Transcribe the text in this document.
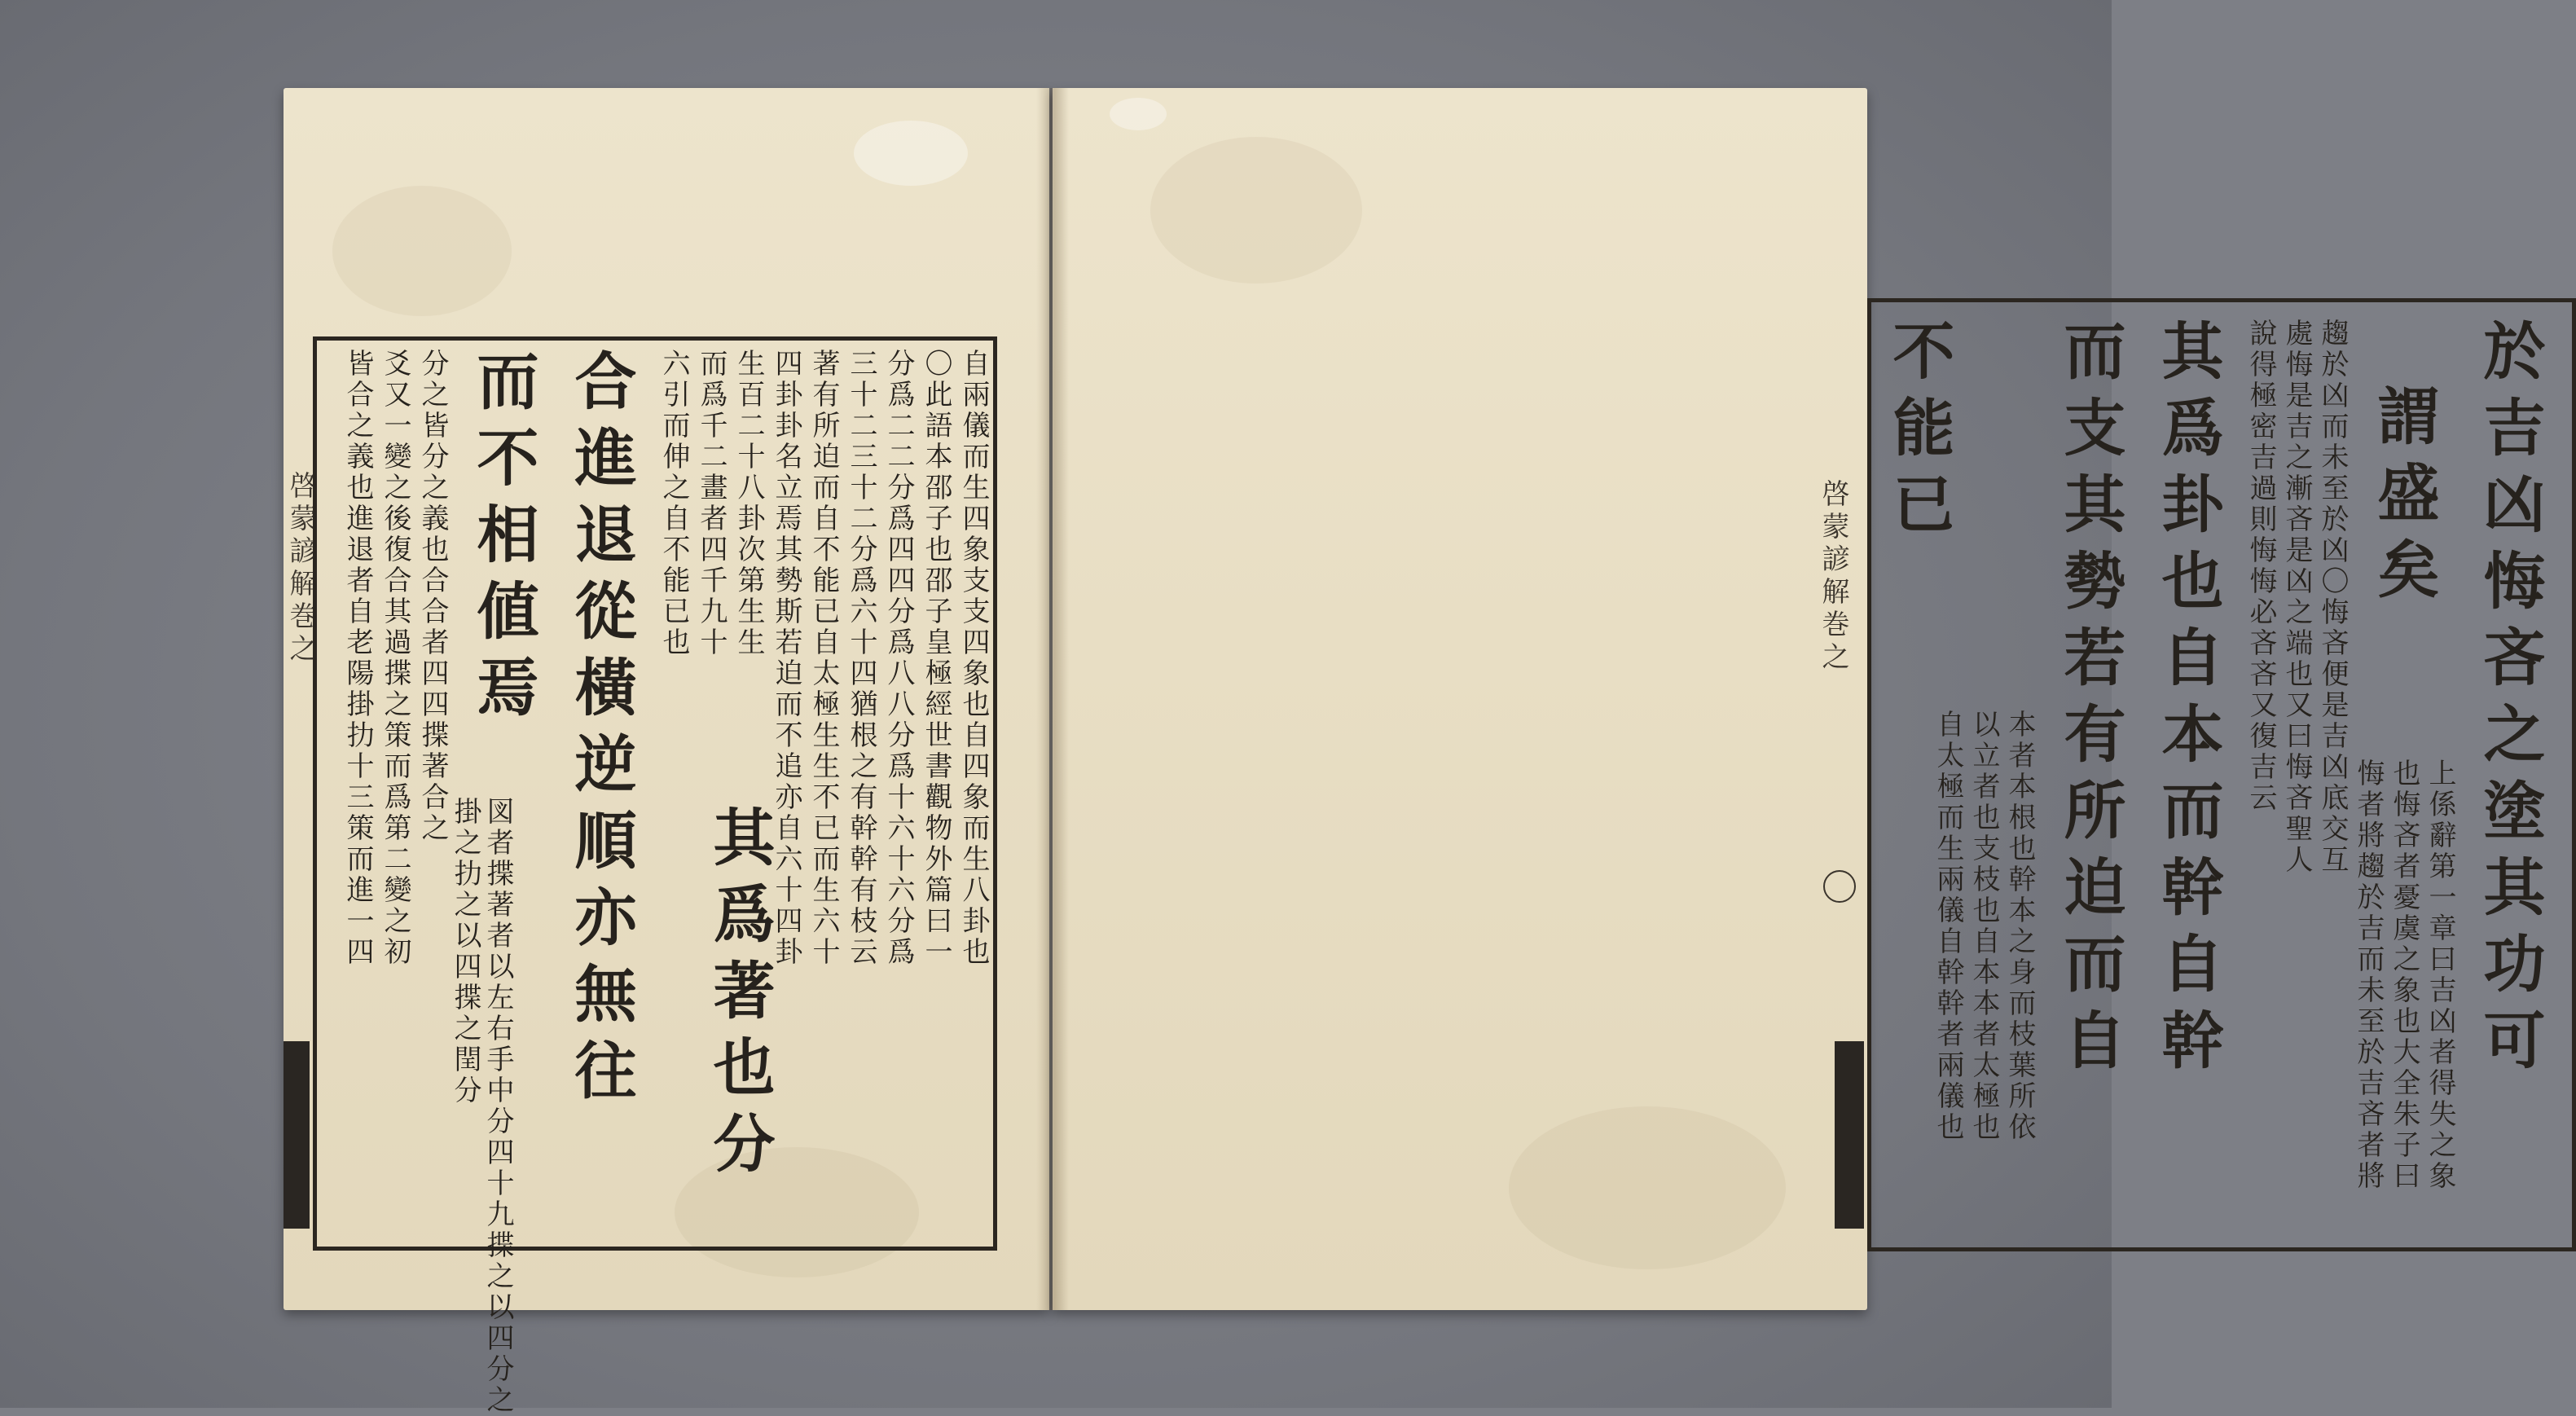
啓蒙諺解巻之	自兩儀而生四象支支四象也自四象而生八卦也
〇此語本邵子也邵子皇極經世書觀物外篇曰一
分爲二二分爲四四分爲八八分爲十六十六分爲
三十二三十二分爲六十四猶根之有幹幹有枝云
著有所迫而自不能已自太極生生不已而生六十
四卦卦名立焉其勢斯若迫而不追亦自六十四卦
生百二十八卦次第生生
而爲千二畫者四千九十
六引而伸之自不能已也
其爲著也分
合進退從橫逆順亦無往
而不相値焉
分之皆分之義也合合者四四揲著合之
爻又一變之後復合其過揲之策而爲第二變之初
皆合之義也進退者自老陽掛扐十三策而進一四
図者揲著者以左右手中分四十九揲之以四分之
掛之扐之以四揲之閏分
啓蒙諺解巻之	於吉凶悔吝之塗其功可
上係辭第一章曰吉凶者得失之象
也悔吝者憂虞之象也大全朱子曰
悔者將趨於吉而未至於吉吝者將
謂盛矣
趨於凶而未至於凶〇悔吝便是吉凶底交互
處悔是吉之漸吝是凶之端也又曰悔吝聖人
說得極密吉過則悔悔必吝吝又復吉云
其爲卦也自本而幹自幹
而支其勢若有所迫而自
本者本根也幹本之身而枝葉所依
以立者也支枝也自本本者太極也
自太極而生兩儀自幹幹者兩儀也
不能已
